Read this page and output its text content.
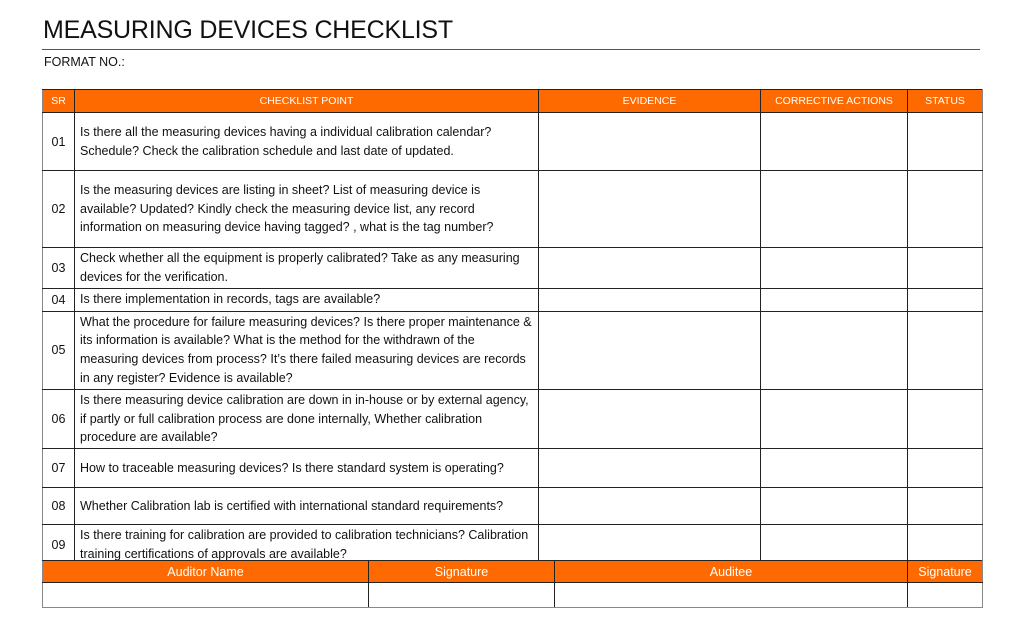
MEASURING DEVICES CHECKLIST
FORMAT NO.:
SR	CHECKLIST POINT	EVIDENCE	CORRECTIVE ACTIONS	STATUS
01	Is there all the measuring devices having a individual calibration calendar? Schedule? Check the calibration schedule and last date of updated.			
02	Is the measuring devices are listing in sheet? List of measuring device is available? Updated? Kindly check the measuring device list, any record information on measuring device having tagged? , what is the tag number?			
03	Check whether all the equipment is properly calibrated? Take as any measuring devices for the verification.			
04	Is there implementation in records, tags are available?			
05	What the procedure for failure measuring devices? Is there proper maintenance & its information is available? What is the method for the withdrawn of the measuring devices from process? It’s there failed measuring devices are records in any register? Evidence is available?			
06	Is there measuring device calibration are down in in-house or by external agency, if partly or full calibration process are done internally, Whether calibration procedure are available?			
07	How to traceable measuring devices? Is there standard system is operating?			
08	Whether Calibration lab is certified with international standard requirements?			
09	Is there training for calibration are provided to calibration technicians? Calibration training certifications of approvals are available?			
Auditor Name	Signature	Auditee	Signature
